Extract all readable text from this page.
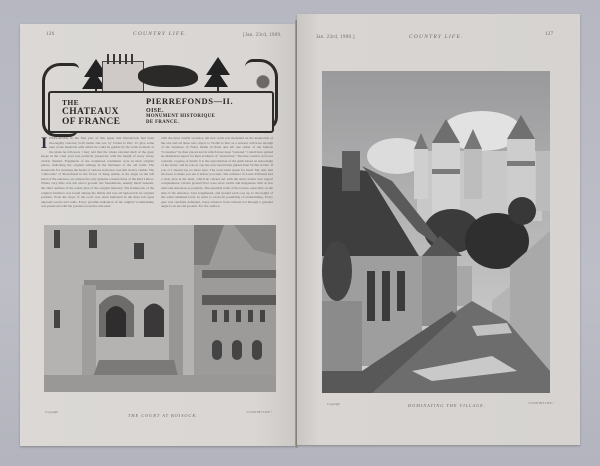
126	COUNTRY LIFE.	[Jan. 23rd, 1909.
THE
CHATEAUX
OF FRANCE
PIERREFONDS—II.
OISE.
MONUMENT HISTORIQUE
DE FRANCE.
I EXPLAINED in the first part of this paper that Pierrefonds had been thoroughly restored, both inside and out, by Viollet le Duc. To give some idea of the materials with which he could be guided by the walls as much as the plans he followed, I may add that the whole external shell of the great keeps in the court yard was perfectly preserved, with the height of every storey clearly marked. Fragments of the sculptured ornaments were in their original places, indicating the original settings in the thickness of the old walls. The stonework for restoring the heads of various staircases was still clearly visible. The "cellrooms" of Pierrefonds in the Tower of King Arthur, at the angle on the left hand of the entrance, are almost the only genuine constructions of the kind I know. Where very little was left above ground, the foundations, usually intact beneath, the chief outlines of the whole plan of the original masonry. The framework of the original windows was found among the débris and was all replaced in its original position. Even the slope of the roofs was often indicated in the lines left upon adjacent towers and walls. Every possible indication of the original workmanship was preserved with the greatest reverence and used
with the most careful accuracy. All new work was modelled on the inspiration of the old, and all those who object to Viollet le Duc as a restorer will have enough of the Sentence of Notre Dame in Paris and tell one rather of the famous "Croisettes" he then placed and in which have been "restored." I shall have gained an additional respect for their evidence of "restoration." The true creative art is not a merely copying of detail; it is the reproduction of the spirit based on knowledge of the better; and he was as one has ever been better guided than Viollet le Duc. If you or I should say no more here. The work must speak for itself. My only aim has been to make you see it before you start. The architect of Louis d'Orléans had a clear plan in his head, which he carried out with the most artistic and logical completeness. On the ground floor were store rooms and magazines with as few exits and entrances as possible. The essential walls of the towers, especially on the side of the entrance, were lengthened, and ground each rose up so the height of the walls remained level, in order to avoid all possibility of undermining. Every gate was carefully defended, every entrance from without led through a guarded angle to its second postern. For the outdoor
Copyright
THE COURT AT BOISOCK.
"COUNTRY LIFE."
Jan. 23rd, 1909.]	COUNTRY LIFE.	127
Copyright	DOMINATING THE VILLAGE.	"COUNTRY LIFE."
